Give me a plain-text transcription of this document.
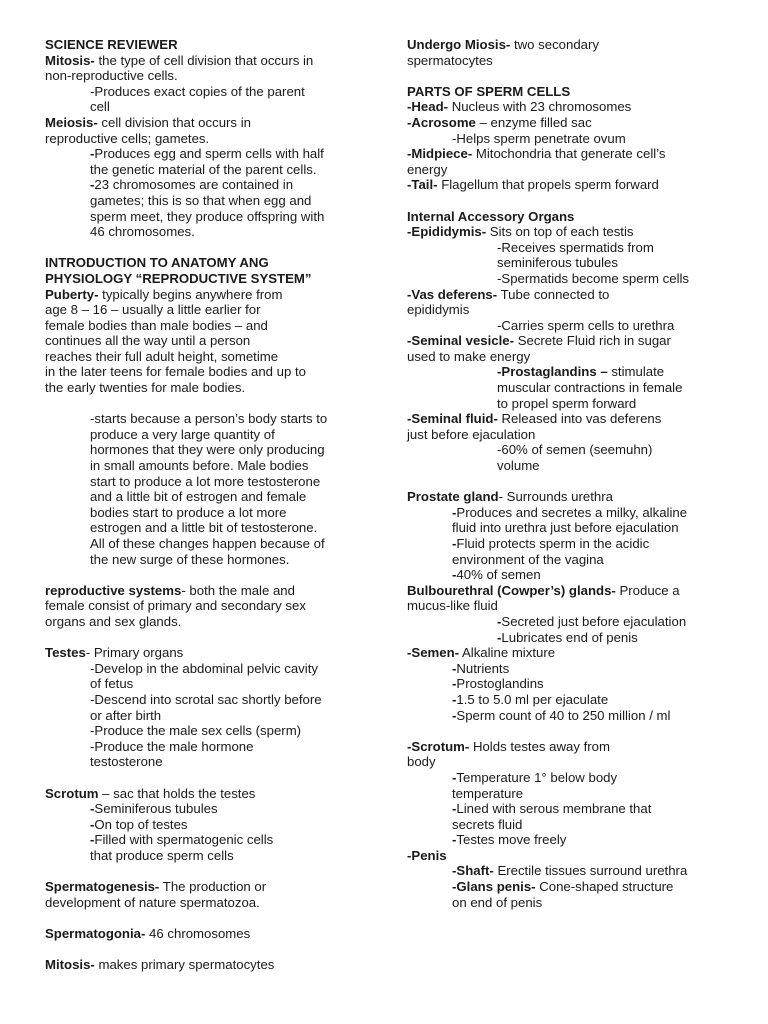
SCIENCE REVIEWER
Mitosis- the type of cell division that occurs in
non-reproductive cells.
-Produces exact copies of the parent
cell
Meiosis- cell division that occurs in
reproductive cells; gametes.
-Produces egg and sperm cells with half
the genetic material of the parent cells.
-23 chromosomes are contained in
gametes; this is so that when egg and
sperm meet, they produce offspring with
46 chromosomes.
INTRODUCTION TO ANATOMY ANG
PHYSIOLOGY “REPRODUCTIVE SYSTEM”
Puberty- typically begins anywhere from
age 8 – 16 – usually a little earlier for
female bodies than male bodies – and
continues all the way until a person
reaches their full adult height, sometime
in the later teens for female bodies and up to
the early twenties for male bodies.
-starts because a person’s body starts to
produce a very large quantity of
hormones that they were only producing
in small amounts before. Male bodies
start to produce a lot more testosterone
and a little bit of estrogen and female
bodies start to produce a lot more
estrogen and a little bit of testosterone.
All of these changes happen because of
the new surge of these hormones.
reproductive systems- both the male and
female consist of primary and secondary sex
organs and sex glands.
Testes- Primary organs
-Develop in the abdominal pelvic cavity
of fetus
-Descend into scrotal sac shortly before
or after birth
-Produce the male sex cells (sperm)
-Produce the male hormone
testosterone
Scrotum – sac that holds the testes
-Seminiferous tubules
-On top of testes
-Filled with spermatogenic cells
that produce sperm cells
Spermatogenesis- The production or
development of nature spermatozoa.
Spermatogonia- 46 chromosomes
Mitosis- makes primary spermatocytes
Undergo Miosis- two secondary
spermatocytes
PARTS OF SPERM CELLS
-Head- Nucleus with 23 chromosomes
-Acrosome – enzyme filled sac
-Helps sperm penetrate ovum
-Midpiece- Mitochondria that generate cell’s
energy
-Tail- Flagellum that propels sperm forward
Internal Accessory Organs
-Epididymis- Sits on top of each testis
-Receives spermatids from
seminiferous tubules
-Spermatids become sperm cells
-Vas deferens- Tube connected to
epididymis
-Carries sperm cells to urethra
-Seminal vesicle- Secrete Fluid rich in sugar
used to make energy
-Prostaglandins – stimulate
muscular contractions in female
to propel sperm forward
-Seminal fluid- Released into vas deferens
just before ejaculation
-60% of semen (seemuhn)
volume
Prostate gland- Surrounds urethra
-Produces and secretes a milky, alkaline
fluid into urethra just before ejaculation
-Fluid protects sperm in the acidic
environment of the vagina
-40% of semen
Bulbourethral (Cowper’s) glands- Produce a
mucus-like fluid
-Secreted just before ejaculation
-Lubricates end of penis
-Semen- Alkaline mixture
-Nutrients
-Prostoglandins
-1.5 to 5.0 ml per ejaculate
-Sperm count of 40 to 250 million / ml
-Scrotum- Holds testes away from
body
-Temperature 1° below body
temperature
-Lined with serous membrane that
secrets fluid
-Testes move freely
-Penis
-Shaft- Erectile tissues surround urethra
-Glans penis- Cone-shaped structure
on end of penis
